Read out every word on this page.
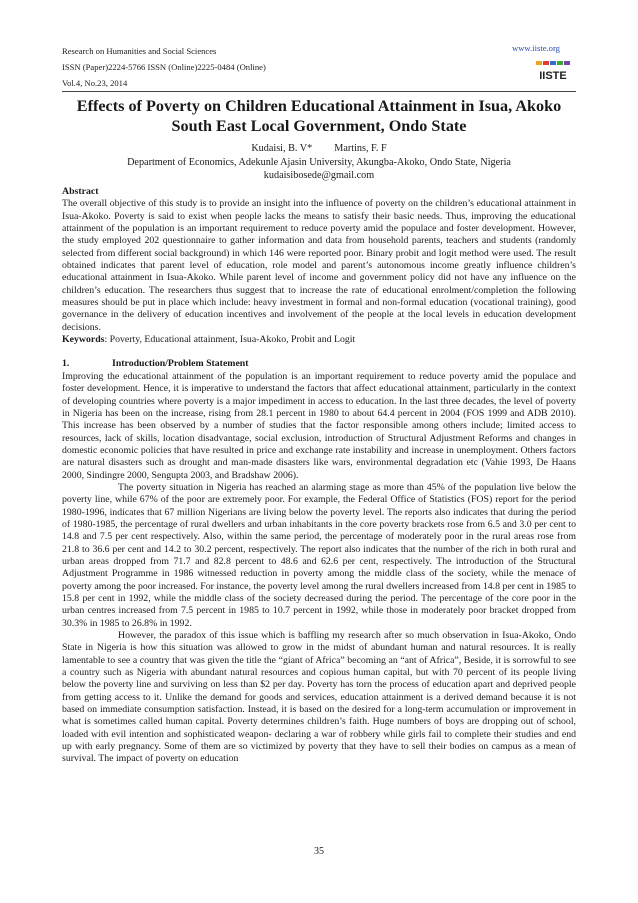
Research on Humanities and Social Sciences
ISSN (Paper)2224-5766 ISSN (Online)2225-0484 (Online)
Vol.4, No.23, 2014
www.iiste.org
IISTE
Effects of Poverty on Children Educational Attainment in Isua, Akoko South East Local Government, Ondo State
Kudaisi, B. V* Martins, F. F
Department of Economics, Adekunle Ajasin University, Akungba-Akoko, Ondo State, Nigeria
kudaisibosede@gmail.com

Abstract

The overall objective of this study is to provide an insight into the influence of poverty on the children’s educational attainment in Isua-Akoko. Poverty is said to exist when people lacks the means to satisfy their basic needs. Thus, improving the educational attainment of the population is an important requirement to reduce poverty amid the populace and foster development. However, the study employed 202 questionnaire to gather information and data from household parents, teachers and students (randomly selected from different social background) in which 146 were reported poor. Binary probit and logit method were used. The result obtained indicates that parent level of education, role model and parent’s autonomous income greatly influence children’s educational attainment in Isua-Akoko. While parent level of income and government policy did not have any influence on the children’s education. The researchers thus suggest that to increase the rate of educational enrolment/completion the following measures should be put in place which include: heavy investment in formal and non-formal education (vocational training), good governance in the delivery of education incentives and involvement of the people at the local levels in education development decisions.

Keywords: Poverty, Educational attainment, Isua-Akoko, Probit and Logit

1.	Introduction/Problem Statement

Improving the educational attainment of the population is an important requirement to reduce poverty amid the populace and foster development. Hence, it is imperative to understand the factors that affect educational attainment, particularly in the context of developing countries where poverty is a major impediment in access to education. In the last three decades, the level of poverty in Nigeria has been on the increase, rising from 28.1 percent in 1980 to about 64.4 percent in 2004 (FOS 1999 and ADB 2010). This increase has been observed by a number of studies that the factor responsible among others include; limited access to resources, lack of skills, location disadvantage, social exclusion, introduction of Structural Adjustment Reforms and changes in domestic economic policies that have resulted in price and exchange rate instability and increase in unemployment. Others factors are natural disasters such as drought and man-made disasters like wars, environmental degradation etc (Vahie 1993, De Haans 2000, Sindingre 2000, Sengupta 2003, and Bradshaw 2006).

The poverty situation in Nigeria has reached an alarming stage as more than 45% of the population live below the poverty line, while 67% of the poor are extremely poor. For example, the Federal Office of Statistics (FOS) report for the period 1980-1996, indicates that 67 million Nigerians are living below the poverty level. The reports also indicates that during the period of 1980-1985, the percentage of rural dwellers and urban inhabitants in the core poverty brackets rose from 6.5 and 3.0 per cent to 14.8 and 7.5 per cent respectively. Also, within the same period, the percentage of moderately poor in the rural areas rose from 21.8 to 36.6 per cent and 14.2 to 30.2 percent, respectively. The report also indicates that the number of the rich in both rural and urban areas dropped from 71.7 and 82.8 percent to 48.6 and 62.6 per cent, respectively. The introduction of the Structural Adjustment Programme in 1986 witnessed reduction in poverty among the middle class of the society, while the menace of poverty among the poor increased. For instance, the poverty level among the rural dwellers increased from 14.8 per cent in 1985 to 15.8 per cent in 1992, while the middle class of the society decreased during the period. The percentage of the core poor in the urban centres increased from 7.5 percent in 1985 to 10.7 percent in 1992, while those in moderately poor bracket dropped from 30.3% in 1985 to 26.8% in 1992.

However, the paradox of this issue which is baffling my research after so much observation in Isua-Akoko, Ondo State in Nigeria is how this situation was allowed to grow in the midst of abundant human and natural resources. It is really lamentable to see a country that was given the title the “giant of Africa” becoming an “ant of Africa”, Beside, it is sorrowful to see a country such as Nigeria with abundant natural resources and copious human capital, but with 70 percent of its people living below the poverty line and surviving on less than $2 per day. Poverty has torn the process of education apart and deprived people from getting access to it. Unlike the demand for goods and services, education attainment is a derived demand because it is not based on immediate consumption satisfaction. Instead, it is based on the desired for a long-term accumulation or improvement in what is sometimes called human capital. Poverty determines children’s faith. Huge numbers of boys are dropping out of school, loaded with evil intention and sophisticated weapon- declaring a war of robbery while girls fail to complete their studies and end up with early pregnancy. Some of them are so victimized by poverty that they have to sell their bodies on campus as a mean of survival. The impact of poverty on education

35
